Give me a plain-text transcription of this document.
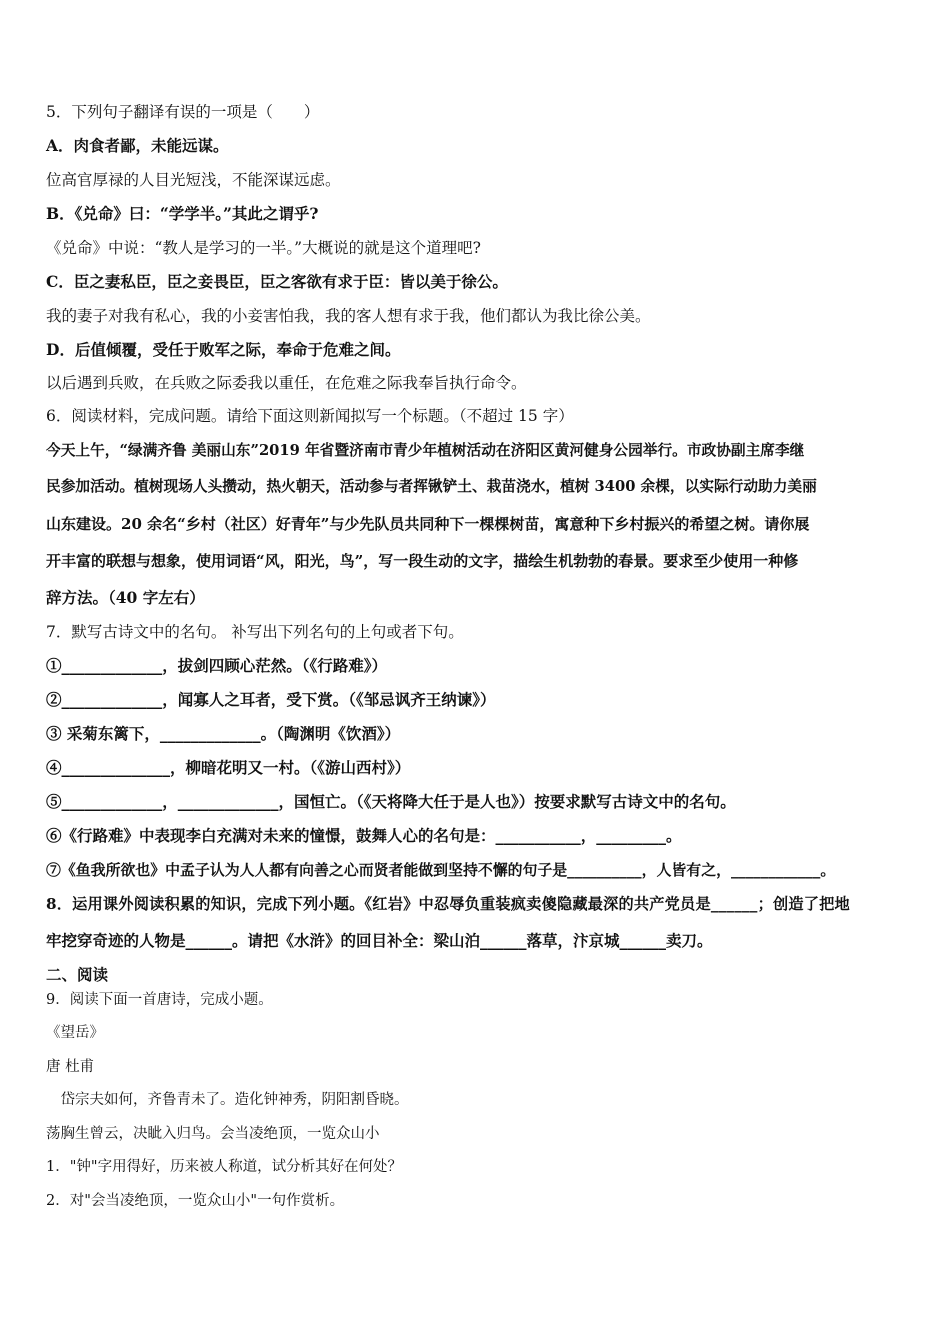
5．下列句子翻译有误的一项是（　　）
A．肉食者鄙，未能远谋。
位高官厚禄的人目光短浅，不能深谋远虑。
B．《兑命》曰：“学学半。”其此之谓乎?
《兑命》中说：“教人是学习的一半。”大概说的就是这个道理吧?
C．臣之妻私臣，臣之妾畏臣，臣之客欲有求于臣：皆以美于徐公。
我的妻子对我有私心，我的小妾害怕我，我的客人想有求于我，他们都认为我比徐公美。
D．后值倾覆，受任于败军之际，奉命于危难之间。
以后遇到兵败，在兵败之际委我以重任，在危难之际我奉旨执行命令。
6．阅读材料，完成问题。请给下面这则新闻拟写一个标题。（不超过 15 字）
今天上午，“绿满齐鲁 美丽山东”2019 年省暨济南市青少年植树活动在济阳区黄河健身公园举行。市政协副主席李继
民参加活动。植树现场人头攒动，热火朝天，活动参与者挥锹铲土、栽苗浇水，植树 3400 余棵，以实际行动助力美丽
山东建设。20 余名“乡村（社区）好青年”与少先队员共同种下一棵棵树苗，寓意种下乡村振兴的希望之树。请你展
开丰富的联想与想象，使用词语“风，阳光，鸟”，写一段生动的文字，描绘生机勃勃的春景。要求至少使用一种修
辞方法。（40 字左右）
7．默写古诗文中的名句。 补写出下列名句的上句或者下句。
①_____________，拔剑四顾心茫然。（《行路难》）
②_____________，闻寡人之耳者，受下赏。（《邹忌讽齐王纳谏》）
③ 采菊东篱下，_____________。（陶渊明《饮酒》）
④______________，柳暗花明又一村。（《游山西村》）
⑤_____________，_____________，国恒亡。（《天将降大任于是人也》）按要求默写古诗文中的名句。
⑥《行路难》中表现李白充满对未来的憧憬，鼓舞人心的名句是：___________，_________。
⑦《鱼我所欲也》中孟子认为人人都有向善之心而贤者能做到坚持不懈的句子是__________，人皆有之，____________。
8．运用课外阅读积累的知识，完成下列小题。《红岩》中忍辱负重装疯卖傻隐藏最深的共产党员是______；创造了把地
牢挖穿奇迹的人物是______。请把《水浒》的回目补全：梁山泊______落草，汴京城______卖刀。
二、阅读
9．阅读下面一首唐诗，完成小题。
《望岳》
唐 杜甫
　岱宗夫如何，齐鲁青未了。造化钟神秀，阴阳割昏晓。
荡胸生曾云，决眦入归鸟。会当凌绝顶，一览众山小
1．"钟"字用得好，历来被人称道，试分析其好在何处？
2．对"会当凌绝顶，一览众山小"一句作赏析。
